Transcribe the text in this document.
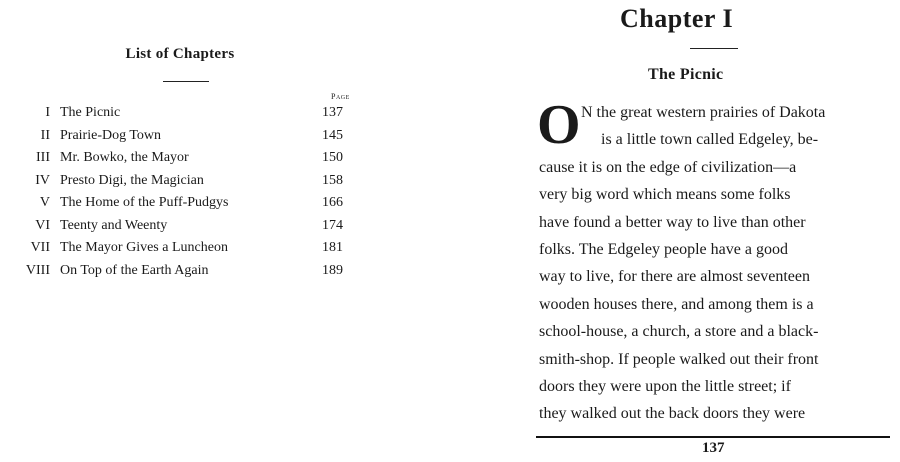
List of Chapters
Page
I The Picnic	137
II Prairie-Dog Town	145
III Mr. Bowko, the Mayor	150
IV Presto Digi, the Magician	158
V The Home of the Puff-Pudgys	166
VI Teenty and Weenty	174
VII The Mayor Gives a Luncheon	181
VIII On Top of the Earth Again	189
Chapter I
The Picnic
O N the great western prairies of Dakota
is a little town called Edgeley, be-
cause it is on the edge of civilization—a
very big word which means some folks
have found a better way to live than other
folks. The Edgeley people have a good
way to live, for there are almost seventeen
wooden houses there, and among them is a
school-house, a church, a store and a black-
smith-shop. If people walked out their front
doors they were upon the little street; if
they walked out the back doors they were
137
